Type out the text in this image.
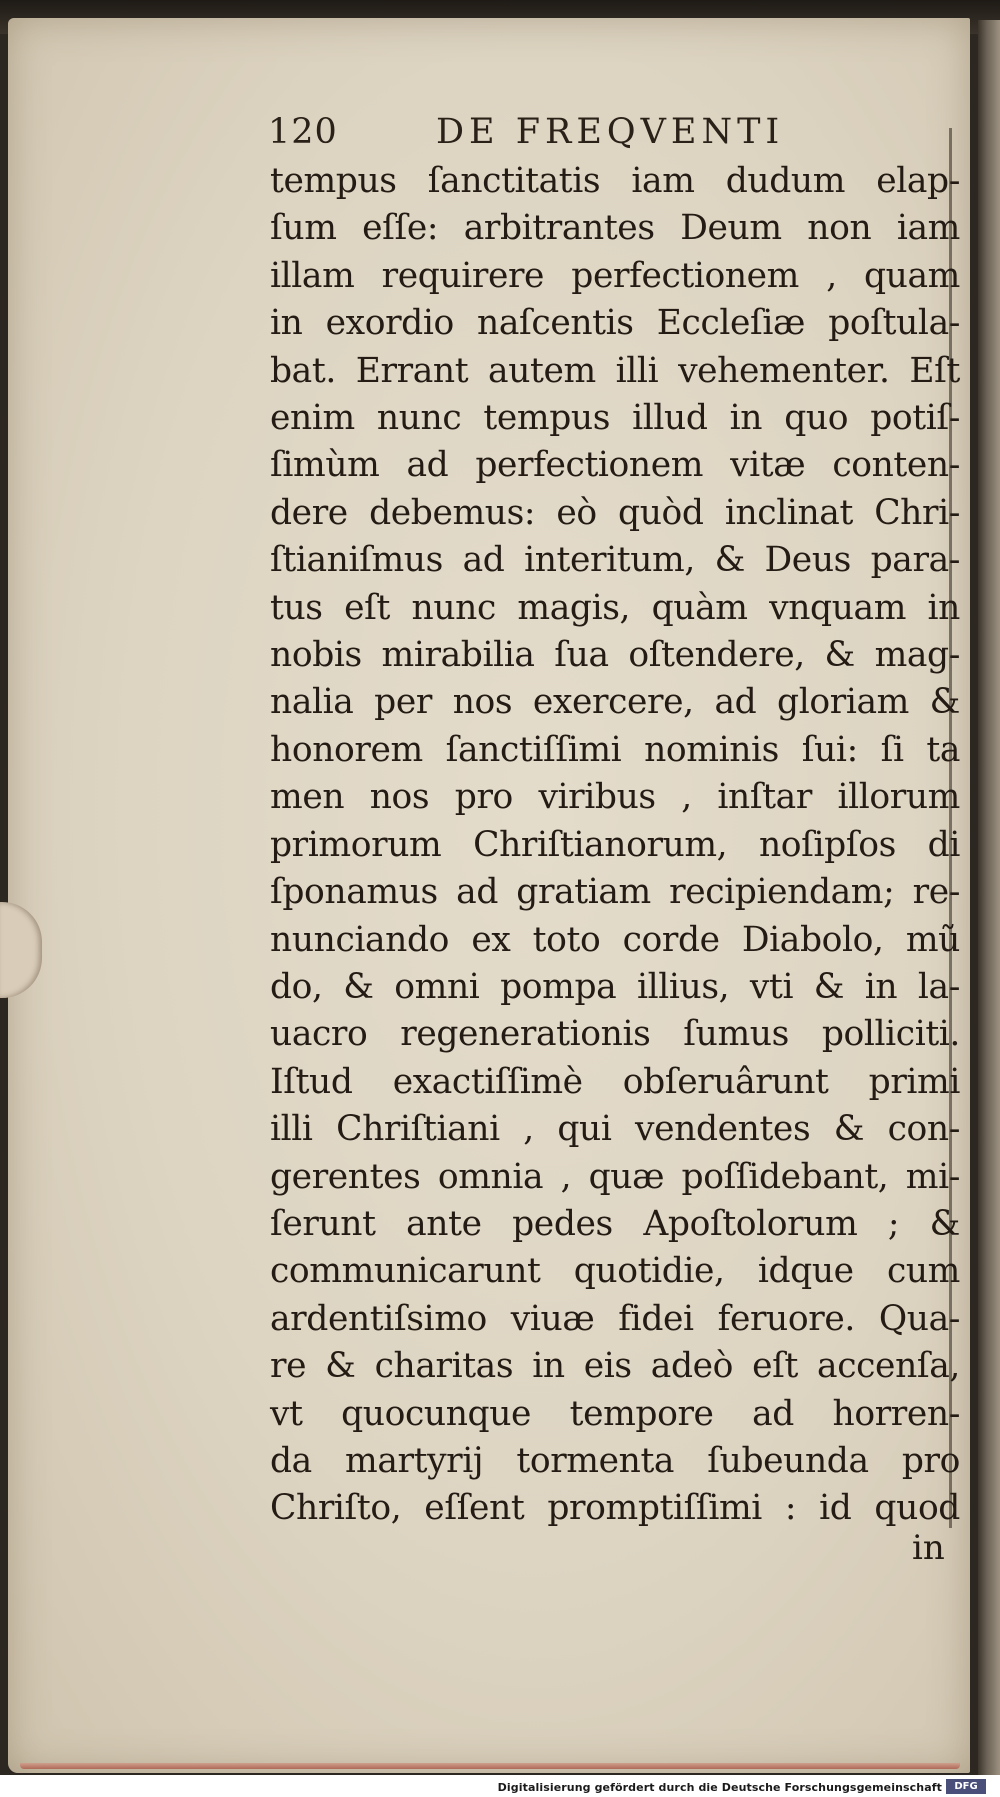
120	DE FREQVENTI
tempus ſanctitatis iam dudum elap-
ſum eſſe: arbitrantes Deum non iam
illam requirere perfectionem , quam
in exordio naſcentis Eccleſiæ poſtula-
bat. Errant autem illi vehementer. Eſt
enim nunc tempus illud in quo potiſ-
ſimùm ad perfectionem vitæ conten-
dere debemus: eò quòd inclinat Chri-
ſtianiſmus ad interitum, & Deus para-
tus eſt nunc magis, quàm vnquam in
nobis mirabilia ſua oſtendere, & mag-
nalia per nos exercere, ad gloriam &
honorem ſanctiſſimi nominis ſui: ſi ta
men nos pro viribus , inſtar illorum
primorum Chriſtianorum, noſipſos di
ſponamus ad gratiam recipiendam; re-
nunciando ex toto corde Diabolo, mũ
do, & omni pompa illius, vti & in la-
uacro regenerationis ſumus polliciti.
Iſtud exactiſſimè obſeruârunt primi
illi Chriſtiani , qui vendentes & con-
gerentes omnia , quæ poſſidebant, mi-
ſerunt ante pedes Apoſtolorum ; &
communicarunt quotidie, idque cum
ardentiſsimo viuæ fidei feruore. Qua-
re & charitas in eis adeò eſt accenſa,
vt quocunque tempore ad horren-
da martyrij tormenta ſubeunda pro
Chriſto, eſſent promptiſſimi : id quod
in
Digitalisierung gefördert durch die Deutsche Forschungsgemeinschaft	DFG
